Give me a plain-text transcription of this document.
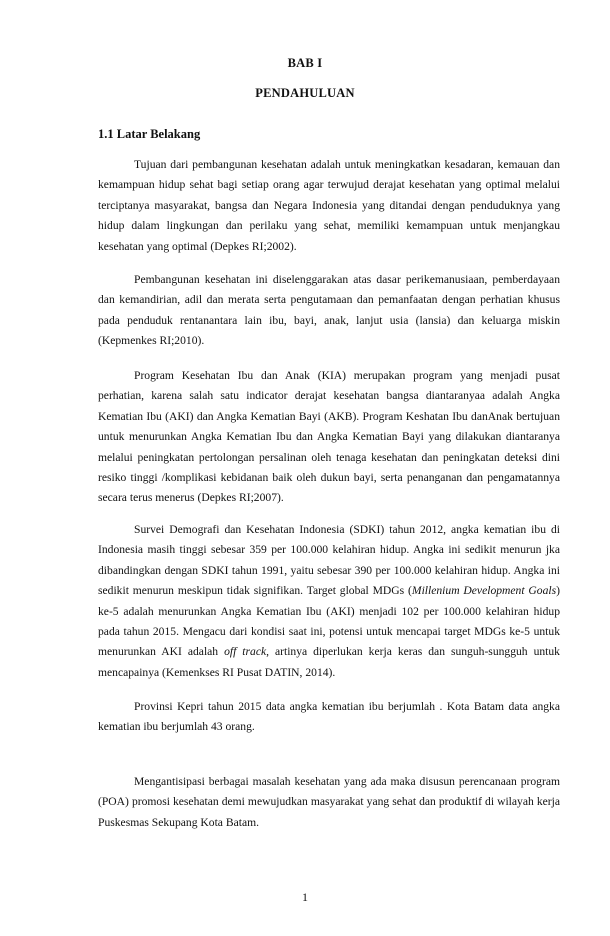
BAB I
PENDAHULUAN
1.1 Latar Belakang

Tujuan dari pembangunan kesehatan adalah untuk meningkatkan kesadaran, kemauan dan kemampuan hidup sehat bagi setiap orang agar terwujud derajat kesehatan yang optimal melalui terciptanya masyarakat, bangsa dan Negara Indonesia yang ditandai dengan penduduknya yang hidup dalam lingkungan dan perilaku yang sehat, memiliki kemampuan untuk menjangkau kesehatan yang optimal (Depkes RI;2002).

Pembangunan kesehatan ini diselenggarakan atas dasar perikemanusiaan, pemberdayaan dan kemandirian, adil dan merata serta pengutamaan dan pemanfaatan dengan perhatian khusus pada penduduk rentanantara lain ibu, bayi, anak, lanjut usia (lansia) dan keluarga miskin (Kepmenkes RI;2010).

Program Kesehatan Ibu dan Anak (KIA) merupakan program yang menjadi pusat perhatian, karena salah satu indicator derajat kesehatan bangsa diantaranyaa adalah Angka Kematian Ibu (AKI) dan Angka Kematian Bayi (AKB). Program Keshatan Ibu danAnak bertujuan untuk menurunkan Angka Kematian Ibu dan Angka Kematian Bayi yang dilakukan diantaranya melalui peningkatan pertolongan persalinan oleh tenaga kesehatan dan peningkatan deteksi dini resiko tinggi /komplikasi kebidanan baik oleh dukun bayi, serta penanganan dan pengamatannya secara terus menerus (Depkes RI;2007).

Survei Demografi dan Kesehatan Indonesia (SDKI) tahun 2012, angka kematian ibu di Indonesia masih tinggi sebesar 359 per 100.000 kelahiran hidup. Angka ini sedikit menurun jka dibandingkan dengan SDKI tahun 1991, yaitu sebesar 390 per 100.000 kelahiran hidup. Angka ini sedikit menurun meskipun tidak signifikan. Target global MDGs (Millenium Development Goals) ke-5 adalah menurunkan Angka Kematian Ibu (AKI) menjadi 102 per 100.000 kelahiran hidup pada tahun 2015. Mengacu dari kondisi saat ini, potensi untuk mencapai target MDGs ke-5 untuk menurunkan AKI adalah off track, artinya diperlukan kerja keras dan sunguh-sungguh untuk mencapainya (Kemenkses RI Pusat DATIN, 2014).

Provinsi Kepri tahun 2015 data angka kematian ibu berjumlah . Kota Batam data angka kematian ibu berjumlah 43 orang.

Mengantisipasi berbagai masalah kesehatan yang ada maka disusun perencanaan program (POA) promosi kesehatan demi mewujudkan masyarakat yang sehat dan produktif di wilayah kerja Puskesmas Sekupang Kota Batam.

1
